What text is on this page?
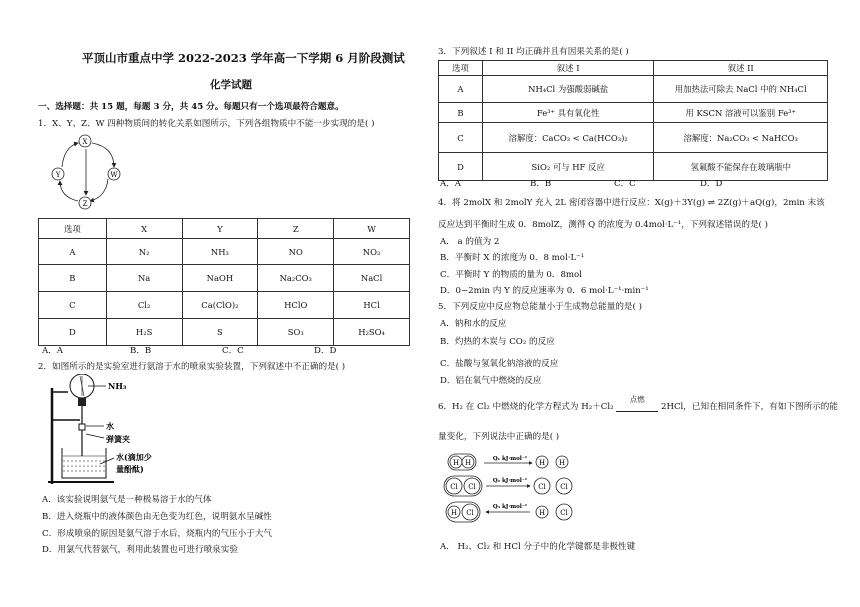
平顶山市重点中学 2022-2023 学年高一下学期 6 月阶段测试
化学试题
一、选择题：共 15 题，每题 3 分，共 45 分。每题只有一个选项最符合题意。
1．X、Y、Z、W 四种物质间的转化关系如图所示，下列各组物质中不能一步实现的是( )
X
Y
Z
W
选项	X	Y	Z	W
A	N₂	NH₃	NO	NO₂
B	Na	NaOH	Na₂CO₃	NaCl
C	Cl₂	Ca(ClO)₂	HClO	HCl
D	H₂S	S	SO₃	H₂SO₄
A．A	B．B	C．C	D．D
2．如图所示的是实验室进行氨溶于水的喷泉实验装置，下列叙述中不正确的是( )
NH₃
水
弹簧夹
水(滴加少
量酚酞)
A．该实验说明氨气是一种极易溶于水的气体
B．进入烧瓶中的液体颜色由无色变为红色，说明氨水呈碱性
C．形成喷泉的原因是氨气溶于水后，烧瓶内的气压小于大气
D．用氯气代替氨气，利用此装置也可进行喷泉实验
3．下列叙述 I 和 II 均正确并且有因果关系的是( )
选项	叙述 I	叙述 II
A	NH₄Cl 为强酸弱碱盐	用加热法可除去 NaCl 中的 NH₄Cl
B	Fe³⁺ 具有氧化性	用 KSCN 溶液可以鉴别 Fe³⁺
C	溶解度：CaCO₃ < Ca(HCO₃)₂	溶解度：Na₂CO₃ < NaHCO₃
D	SiO₂ 可与 HF 反应	氢氟酸不能保存在玻璃瓶中
A．A	B．B	C．C	D．D
4．将 2molX 和 2molY 充入 2L 密闭容器中进行反应：X(g)＋3Y(g) ⇌ 2Z(g)＋aQ(g)，2min 末该
反应达到平衡时生成 0．8molZ，测得 Q 的浓度为 0.4mol·L⁻¹，下列叙述错误的是( )
A． a 的值为 2
B．平衡时 X 的浓度为 0．8 mol·L⁻¹
C．平衡时 Y 的物质的量为 0．8mol
D．0~2min 内 Y 的反应速率为 0．6 mol·L⁻¹·min⁻¹
5．下列反应中反应物总能量小于生成物总能量的是( )
A．钠和水的反应
B．灼热的木炭与 CO₂ 的反应
C．盐酸与氢氧化钠溶液的反应
D．铝在氧气中燃烧的反应
6．H₂ 在 Cl₂ 中燃烧的化学方程式为 H₂＋Cl₂
点燃
2HCl，已知在相同条件下，有如下图所示的能
量变化，下列说法中正确的是( )
H H	Q₁ kJ·mol⁻¹ H H
Cl Cl
Q₂ kJ·mol⁻¹
Cl Cl
H Cl
Q₃ kJ·mol⁻¹
H Cl
A． H₂、Cl₂ 和 HCl 分子中的化学键都是非极性键
